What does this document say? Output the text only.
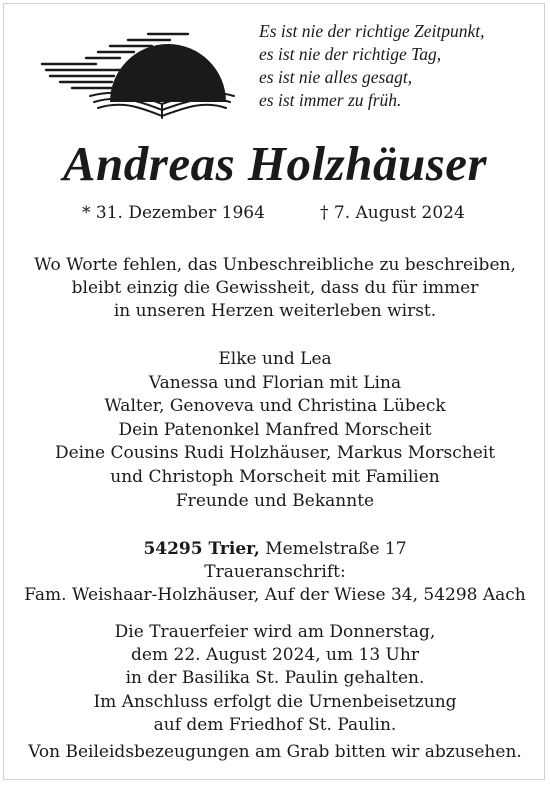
Es ist nie der richtige Zeitpunkt,
es ist nie der richtige Tag,
es ist nie alles gesagt,
es ist immer zu früh.
Andreas Holzhäuser
* 31. Dezember 1964	† 7. August 2024
Wo Worte fehlen, das Unbeschreibliche zu beschreiben,
bleibt einzig die Gewissheit, dass du für immer
in unseren Herzen weiterleben wirst.
Elke und Lea
Vanessa und Florian mit Lina
Walter, Genoveva und Christina Lübeck
Dein Patenonkel Manfred Morscheit
Deine Cousins Rudi Holzhäuser, Markus Morscheit
und Christoph Morscheit mit Familien
Freunde und Bekannte
54295 Trier, Memelstraße 17
Traueranschrift:
Fam. Weishaar-Holzhäuser, Auf der Wiese 34, 54298 Aach
Die Trauerfeier wird am Donnerstag,
dem 22. August 2024, um 13 Uhr
in der Basilika St. Paulin gehalten.
Im Anschluss erfolgt die Urnenbeisetzung
auf dem Friedhof St. Paulin.
Von Beileidsbezeugungen am Grab bitten wir abzusehen.
